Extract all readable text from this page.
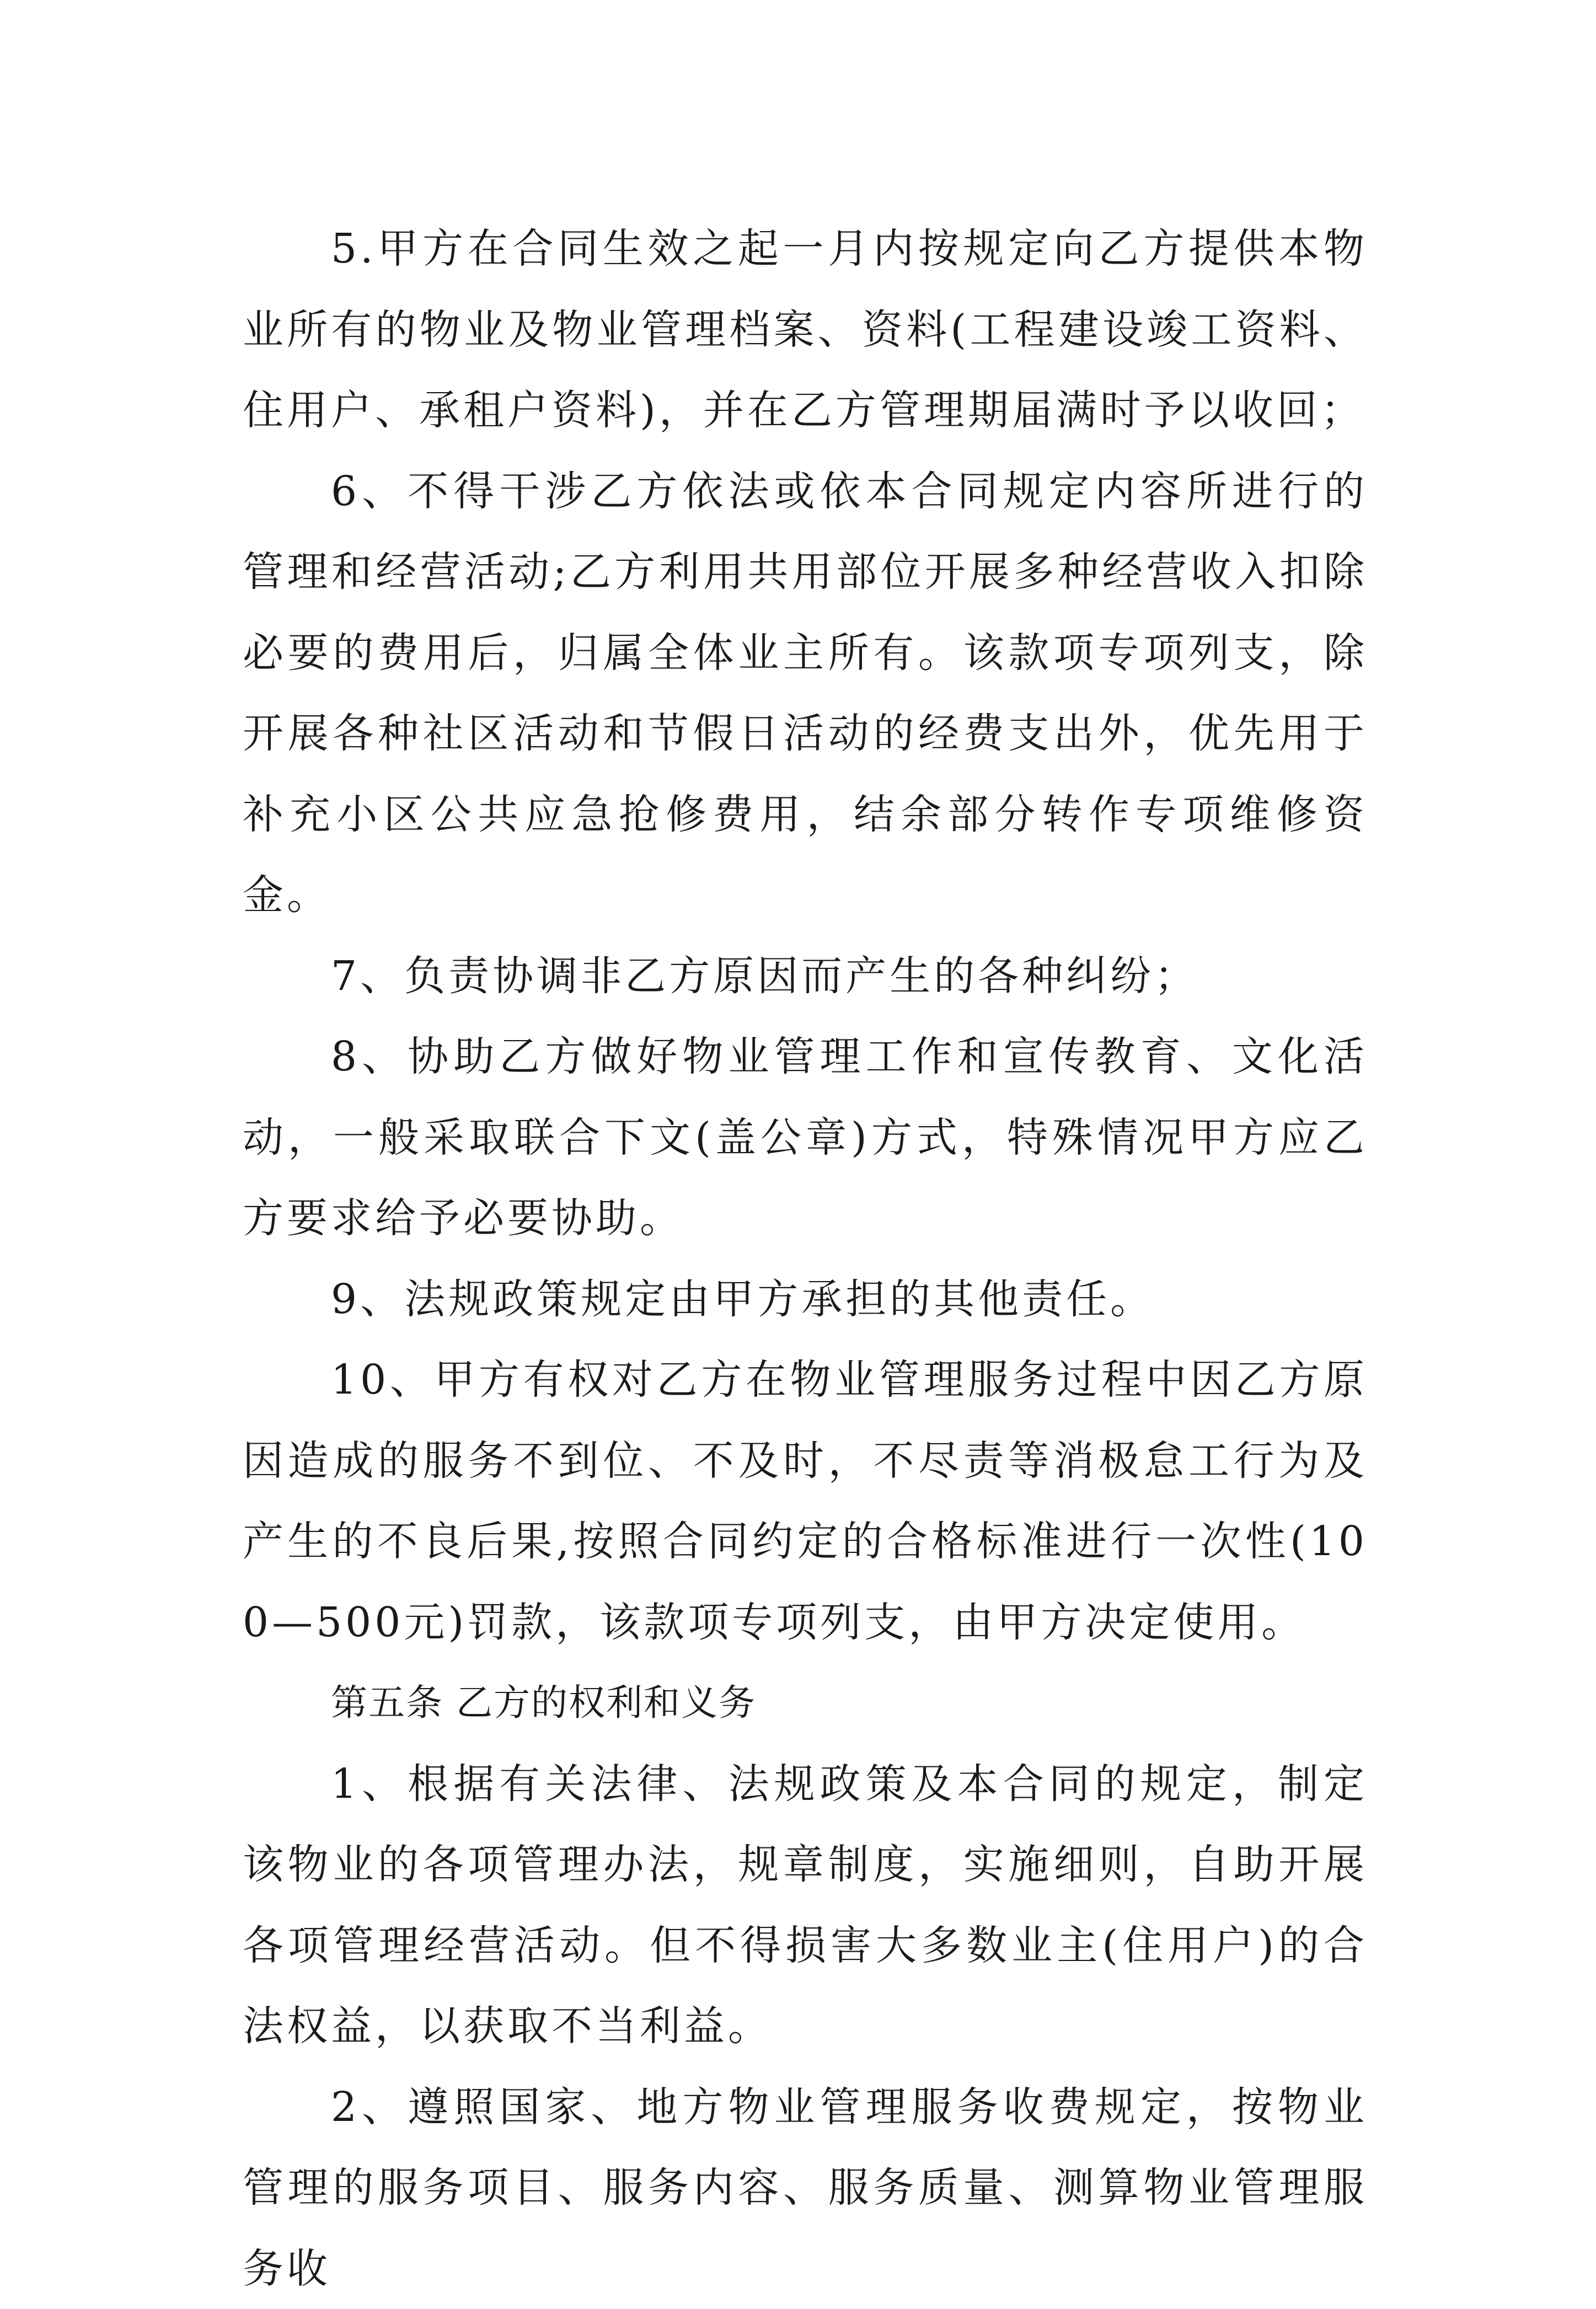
5.甲方在合同生效之起一月内按规定向乙方提供本物业所有的物业及物业管理档案、资料(工程建设竣工资料、住用户、承租户资料)，并在乙方管理期届满时予以收回；

6、不得干涉乙方依法或依本合同规定内容所进行的管理和经营活动;乙方利用共用部位开展多种经营收入扣除必要的费用后，归属全体业主所有。该款项专项列支，除开展各种社区活动和节假日活动的经费支出外，优先用于补充小区公共应急抢修费用，结余部分转作专项维修资金。

7、负责协调非乙方原因而产生的各种纠纷；

8、协助乙方做好物业管理工作和宣传教育、文化活动，一般采取联合下文(盖公章)方式，特殊情况甲方应乙方要求给予必要协助。

9、法规政策规定由甲方承担的其他责任。

10、甲方有权对乙方在物业管理服务过程中因乙方原因造成的服务不到位、不及时，不尽责等消极怠工行为及产生的不良后果,按照合同约定的合格标准进行一次性(100—500元)罚款，该款项专项列支，由甲方决定使用。

第五条 乙方的权利和义务

1、根据有关法律、法规政策及本合同的规定，制定该物业的各项管理办法，规章制度，实施细则，自助开展各项管理经营活动。但不得损害大多数业主(住用户)的合法权益，以获取不当利益。

2、遵照国家、地方物业管理服务收费规定，按物业管理的服务项目、服务内容、服务质量、测算物业管理服务收
